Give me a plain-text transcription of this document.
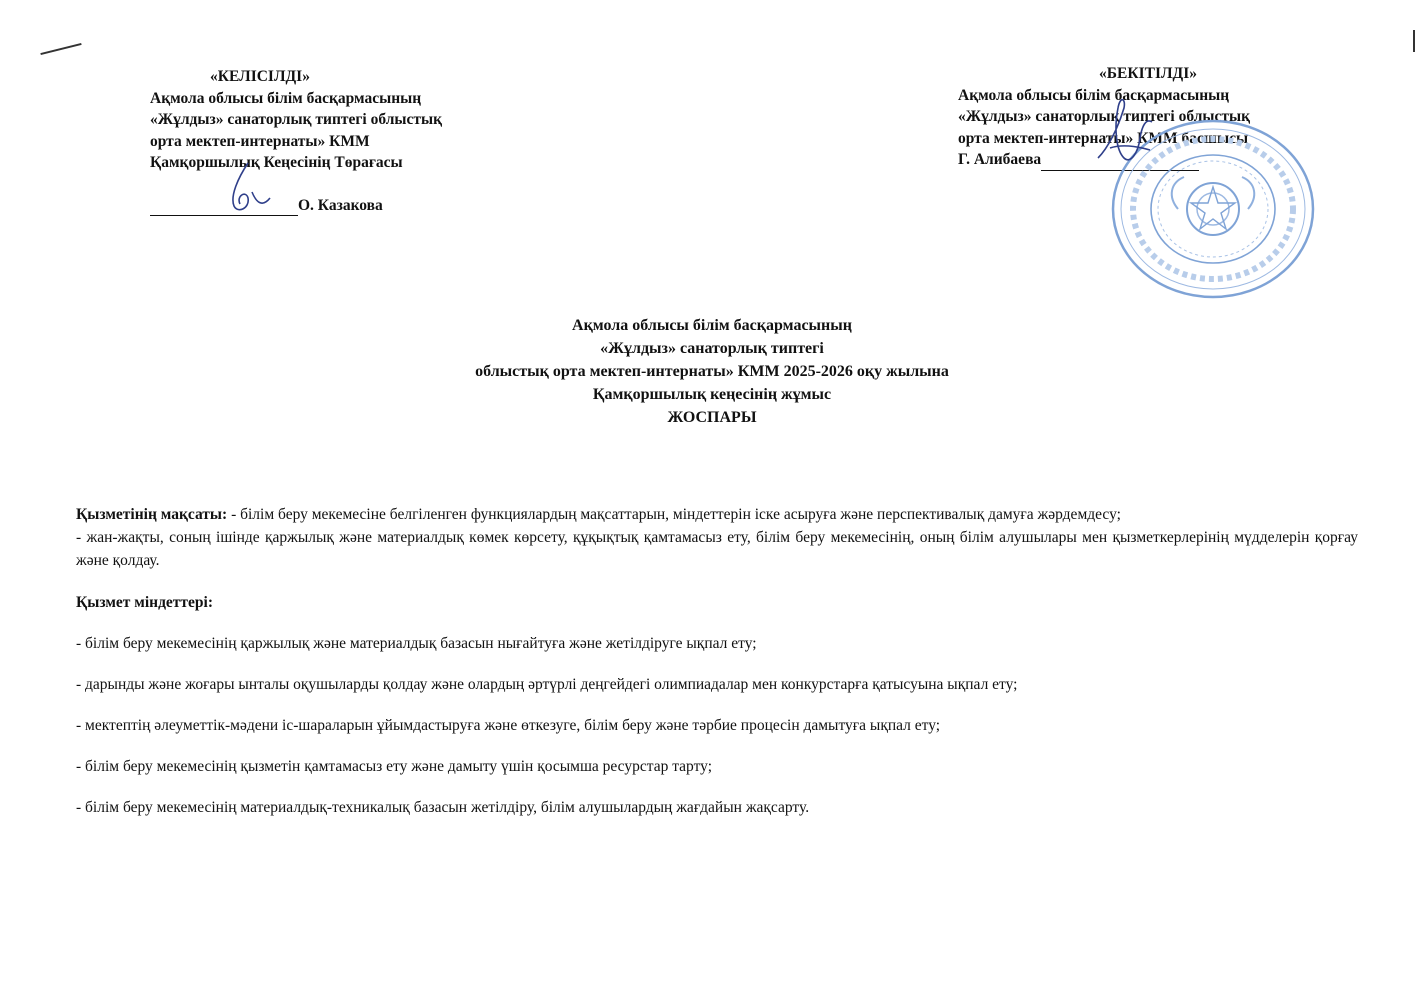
«КЕЛІСІЛДІ»
Ақмола облысы білім басқармасының
«Жұлдыз» санаторлық типтегі облыстық
орта мектеп-интернаты» КММ
Қамқоршылық Кеңесінің Төрағасы
О. Казакова
«БЕКІТІЛДІ»
Ақмола облысы білім басқармасының
«Жұлдыз» санаторлық типтегі облыстық
орта мектеп-интернаты» КММ басшысы
Г. Алибаева
Ақмола облысы білім басқармасының
«Жұлдыз» санаторлық типтегі
облыстық орта мектеп-интернаты» КММ 2025-2026 оқу жылына
Қамқоршылық кеңесінің жұмыс
ЖОСПАРЫ

Қызметінің мақсаты: - білім беру мекемесіне белгіленген функциялардың мақсаттарын, міндеттерін іске асыруға және перспективалық дамуға жәрдемдесу;

- жан-жақты, соның ішінде қаржылық және материалдық көмек көрсету, құқықтық қамтамасыз ету, білім беру мекемесінің, оның білім алушылары мен қызметкерлерінің мүдделерін қорғау және қолдау.

Қызмет міндеттері:

- білім беру мекемесінің қаржылық және материалдық базасын нығайтуға және жетілдіруге ықпал ету;

- дарынды және жоғары ынталы оқушыларды қолдау және олардың әртүрлі деңгейдегі олимпиадалар мен конкурстарға қатысуына ықпал ету;

- мектептің әлеуметтік-мәдени іс-шараларын ұйымдастыруға және өткезуге, білім беру және тәрбие процесін дамытуға ықпал ету;

- білім беру мекемесінің қызметін қамтамасыз ету және дамыту үшін қосымша ресурстар тарту;

- білім беру мекемесінің материалдық-техникалық базасын жетілдіру, білім алушылардың жағдайын жақсарту.
